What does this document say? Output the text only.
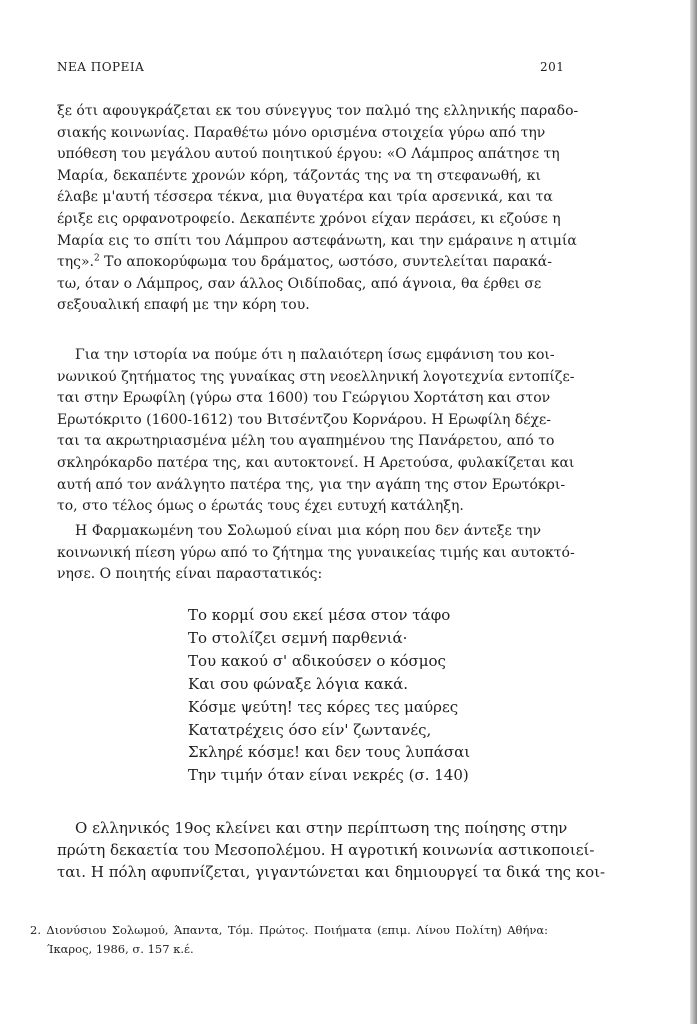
ΝΕΑ ΠΟΡΕΙΑ	201
ξε ότι αφουγκράζεται εκ του σύνεγγυς τον παλμό της ελληνικής παραδο-
σιακής κοινωνίας. Παραθέτω μόνο ορισμένα στοιχεία γύρω από την
υπόθεση του μεγάλου αυτού ποιητικού έργου: «Ο Λάμπρος απάτησε τη
Μαρία, δεκαπέντε χρονών κόρη, τάζοντάς της να τη στεφανωθή, κι
έλαβε μ'αυτή τέσσερα τέκνα, μια θυγατέρα και τρία αρσενικά, και τα
έριξε εις ορφανοτροφείο. Δεκαπέντε χρόνοι είχαν περάσει, κι εζούσε η
Μαρία εις το σπίτι του Λάμπρου αστεφάνωτη, και την εμάραινε η ατιμία
της».$^2$ Το αποκορύφωμα του δράματος, ωστόσο, συντελείται παρακά-
τω, όταν ο Λάμπρος, σαν άλλος Οιδίποδας, από άγνοια, θα έρθει σε
σεξουαλική επαφή με την κόρη του.
Για την ιστορία να πούμε ότι η παλαιότερη ίσως εμφάνιση του κοι-
νωνικού ζητήματος της γυναίκας στη νεοελληνική λογοτεχνία εντοπίζε-
ται στην Ερωφίλη (γύρω στα 1600) του Γεώργιου Χορτάτση και στον
Ερωτόκριτο (1600-1612) του Βιτσέντζου Κορνάρου. Η Ερωφίλη δέχε-
ται τα ακρωτηριασμένα μέλη του αγαπημένου της Πανάρετου, από το
σκληρόκαρδο πατέρα της, και αυτοκτονεί. Η Αρετούσα, φυλακίζεται και
αυτή από τον ανάλγητο πατέρα της, για την αγάπη της στον Ερωτόκρι-
το, στο τέλος όμως ο έρωτάς τους έχει ευτυχή κατάληξη.
Η Φαρμακωμένη του Σολωμού είναι μια κόρη που δεν άντεξε την
κοινωνική πίεση γύρω από το ζήτημα της γυναικείας τιμής και αυτοκτό-
νησε. Ο ποιητής είναι παραστατικός:
Το κορμί σου εκεί μέσα στον τάφο
Το στολίζει σεμνή παρθενιά·
Του κακού σ' αδικούσεν ο κόσμος
Και σου φώναξε λόγια κακά.
Κόσμε ψεύτη! τες κόρες τες μαύρες
Κατατρέχεις όσο είν' ζωντανές,
Σκληρέ κόσμε! και δεν τους λυπάσαι
Την τιμήν όταν είναι νεκρές (σ. 140)
Ο ελληνικός 19ος κλείνει και στην περίπτωση της ποίησης στην
πρώτη δεκαετία του Μεσοπολέμου. Η αγροτική κοινωνία αστικοποιεί-
ται. Η πόλη αφυπνίζεται, γιγαντώνεται και δημιουργεί τα δικά της κοι-
2. Διονύσιου Σολωμού, Άπαντα, Τόμ. Πρώτος. Ποιήματα (επιμ. Λίνου Πολίτη) Αθήνα:
Ίκαρος, 1986, σ. 157 κ.έ.
